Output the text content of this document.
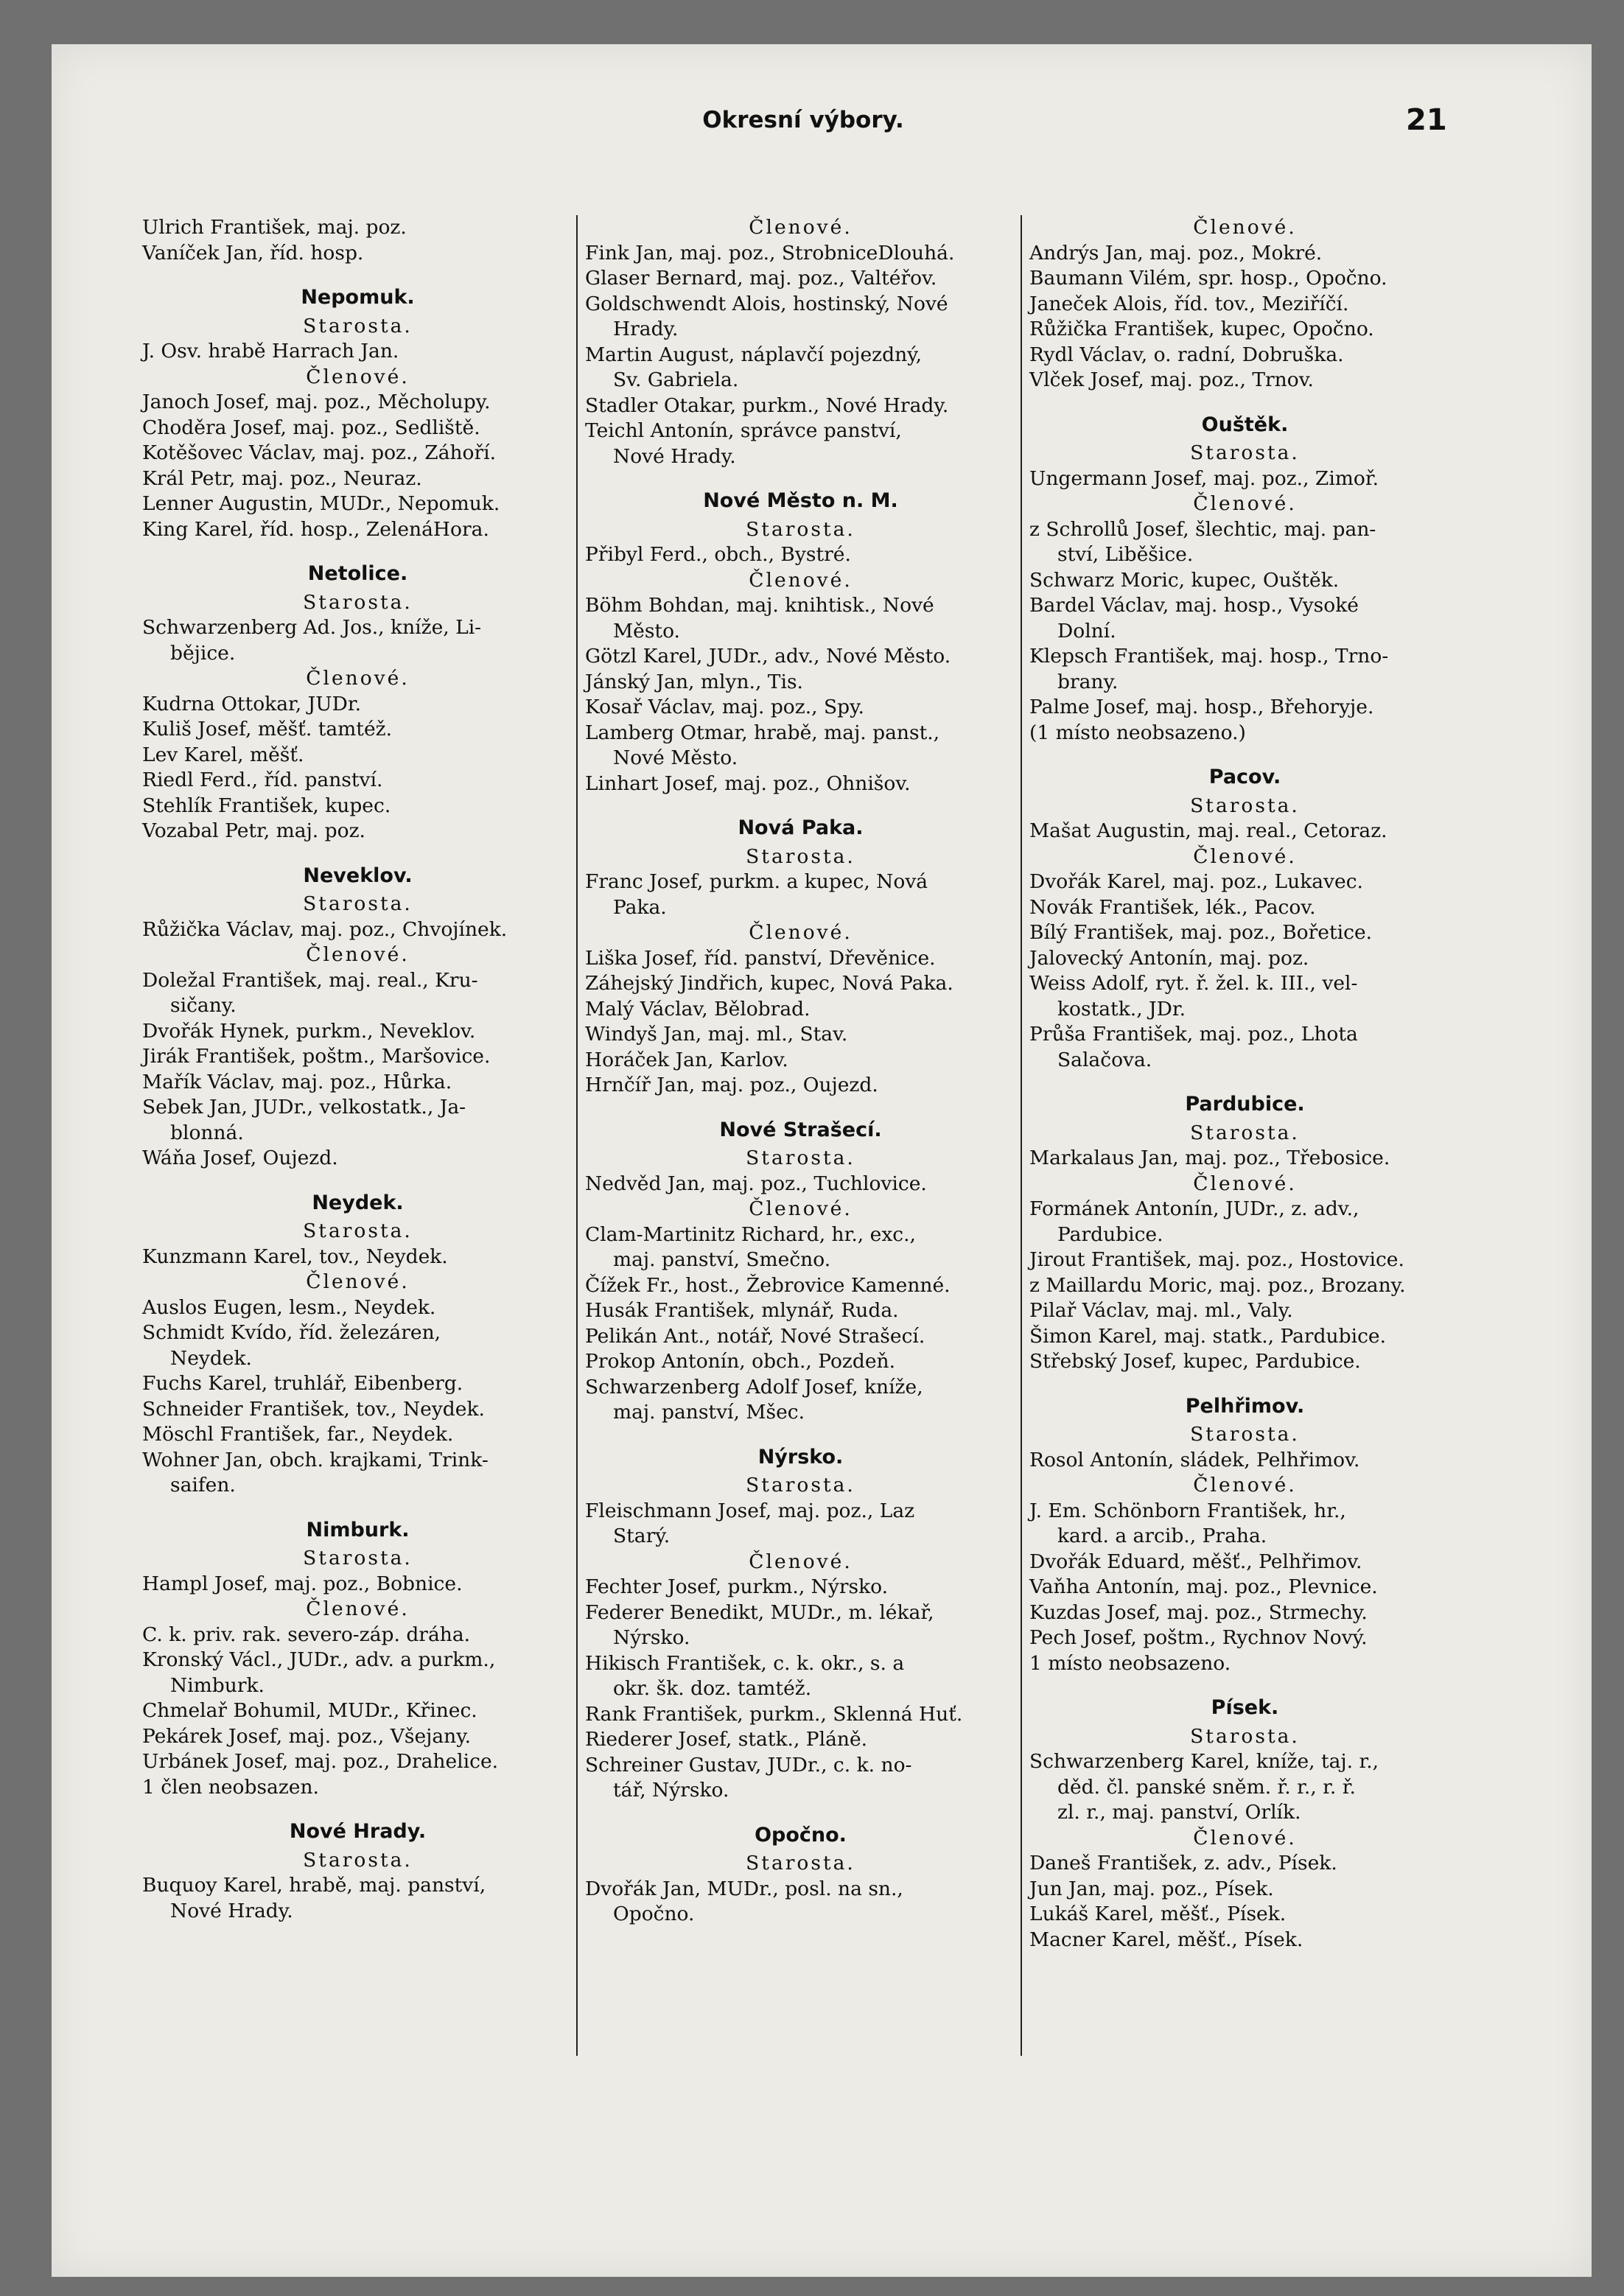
Okresní výbory.	21
Ulrich František, maj. poz.
Vaníček Jan, říd. hosp.
Nepomuk.
Starosta.
J. Osv. hrabě Harrach Jan.
Členové.
Janoch Josef, maj. poz., Měcholupy.
Choděra Josef, maj. poz., Sedliště.
Kotěšovec Václav, maj. poz., Záhoří.
Král Petr, maj. poz., Neuraz.
Lenner Augustin, MUDr., Nepomuk.
King Karel, říd. hosp., ZelenáHora.
Netolice.
Starosta.
Schwarzenberg Ad. Jos., kníže, Li-
bějice.
Členové.
Kudrna Ottokar, JUDr.
Kuliš Josef, měšť. tamtéž.
Lev Karel, měšť.
Riedl Ferd., říd. panství.
Stehlík František, kupec.
Vozabal Petr, maj. poz.
Neveklov.
Starosta.
Růžička Václav, maj. poz., Chvojínek.
Členové.
Doležal František, maj. real., Kru-
sičany.
Dvořák Hynek, purkm., Neveklov.
Jirák František, poštm., Maršovice.
Mařík Václav, maj. poz., Hůrka.
Sebek Jan, JUDr., velkostatk., Ja-
blonná.
Wáňa Josef, Oujezd.
Neydek.
Starosta.
Kunzmann Karel, tov., Neydek.
Členové.
Auslos Eugen, lesm., Neydek.
Schmidt Kvído, říd. železáren,
Neydek.
Fuchs Karel, truhlář, Eibenberg.
Schneider František, tov., Neydek.
Möschl František, far., Neydek.
Wohner Jan, obch. krajkami, Trink-
saifen.
Nimburk.
Starosta.
Hampl Josef, maj. poz., Bobnice.
Členové.
C. k. priv. rak. severo-záp. dráha.
Kronský Václ., JUDr., adv. a purkm.,
Nimburk.
Chmelař Bohumil, MUDr., Křinec.
Pekárek Josef, maj. poz., Všejany.
Urbánek Josef, maj. poz., Drahelice.
1 člen neobsazen.
Nové Hrady.
Starosta.
Buquoy Karel, hrabě, maj. panství,
Nové Hrady.
Členové.
Fink Jan, maj. poz., StrobniceDlouhá.
Glaser Bernard, maj. poz., Valtéřov.
Goldschwendt Alois, hostinský, Nové
Hrady.
Martin August, náplavčí pojezdný,
Sv. Gabriela.
Stadler Otakar, purkm., Nové Hrady.
Teichl Antonín, správce panství,
Nové Hrady.
Nové Město n. M.
Starosta.
Přibyl Ferd., obch., Bystré.
Členové.
Böhm Bohdan, maj. knihtisk., Nové
Město.
Götzl Karel, JUDr., adv., Nové Město.
Jánský Jan, mlyn., Tis.
Kosař Václav, maj. poz., Spy.
Lamberg Otmar, hrabě, maj. panst.,
Nové Město.
Linhart Josef, maj. poz., Ohnišov.
Nová Paka.
Starosta.
Franc Josef, purkm. a kupec, Nová
Paka.
Členové.
Liška Josef, říd. panství, Dřevěnice.
Záhejský Jindřich, kupec, Nová Paka.
Malý Václav, Bělobrad.
Windyš Jan, maj. ml., Stav.
Horáček Jan, Karlov.
Hrnčíř Jan, maj. poz., Oujezd.
Nové Strašecí.
Starosta.
Nedvěd Jan, maj. poz., Tuchlovice.
Členové.
Clam-Martinitz Richard, hr., exc.,
maj. panství, Smečno.
Čížek Fr., host., Žebrovice Kamenné.
Husák František, mlynář, Ruda.
Pelikán Ant., notář, Nové Strašecí.
Prokop Antonín, obch., Pozdeň.
Schwarzenberg Adolf Josef, kníže,
maj. panství, Mšec.
Nýrsko.
Starosta.
Fleischmann Josef, maj. poz., Laz
Starý.
Členové.
Fechter Josef, purkm., Nýrsko.
Federer Benedikt, MUDr., m. lékař,
Nýrsko.
Hikisch František, c. k. okr., s. a
okr. šk. doz. tamtéž.
Rank František, purkm., Sklenná Huť.
Riederer Josef, statk., Pláně.
Schreiner Gustav, JUDr., c. k. no-
tář, Nýrsko.
Opočno.
Starosta.
Dvořák Jan, MUDr., posl. na sn.,
Opočno.
Členové.
Andrýs Jan, maj. poz., Mokré.
Baumann Vilém, spr. hosp., Opočno.
Janeček Alois, říd. tov., Meziříčí.
Růžička František, kupec, Opočno.
Rydl Václav, o. radní, Dobruška.
Vlček Josef, maj. poz., Trnov.
Ouštěk.
Starosta.
Ungermann Josef, maj. poz., Zimoř.
Členové.
z Schrollů Josef, šlechtic, maj. pan-
ství, Liběšice.
Schwarz Moric, kupec, Ouštěk.
Bardel Václav, maj. hosp., Vysoké
Dolní.
Klepsch František, maj. hosp., Trno-
brany.
Palme Josef, maj. hosp., Břehoryje.
(1 místo neobsazeno.)
Pacov.
Starosta.
Mašat Augustin, maj. real., Cetoraz.
Členové.
Dvořák Karel, maj. poz., Lukavec.
Novák František, lék., Pacov.
Bílý František, maj. poz., Bořetice.
Jalovecký Antonín, maj. poz.
Weiss Adolf, ryt. ř. žel. k. III., vel-
kostatk., JDr.
Průša František, maj. poz., Lhota
Salačova.
Pardubice.
Starosta.
Markalaus Jan, maj. poz., Třebosice.
Členové.
Formánek Antonín, JUDr., z. adv.,
Pardubice.
Jirout František, maj. poz., Hostovice.
z Maillardu Moric, maj. poz., Brozany.
Pilař Václav, maj. ml., Valy.
Šimon Karel, maj. statk., Pardubice.
Střebský Josef, kupec, Pardubice.
Pelhřimov.
Starosta.
Rosol Antonín, sládek, Pelhřimov.
Členové.
J. Em. Schönborn František, hr.,
kard. a arcib., Praha.
Dvořák Eduard, měšť., Pelhřimov.
Vaňha Antonín, maj. poz., Plevnice.
Kuzdas Josef, maj. poz., Strmechy.
Pech Josef, poštm., Rychnov Nový.
1 místo neobsazeno.
Písek.
Starosta.
Schwarzenberg Karel, kníže, taj. r.,
děd. čl. panské sněm. ř. r., r. ř.
zl. r., maj. panství, Orlík.
Členové.
Daneš František, z. adv., Písek.
Jun Jan, maj. poz., Písek.
Lukáš Karel, měšť., Písek.
Macner Karel, měšť., Písek.
